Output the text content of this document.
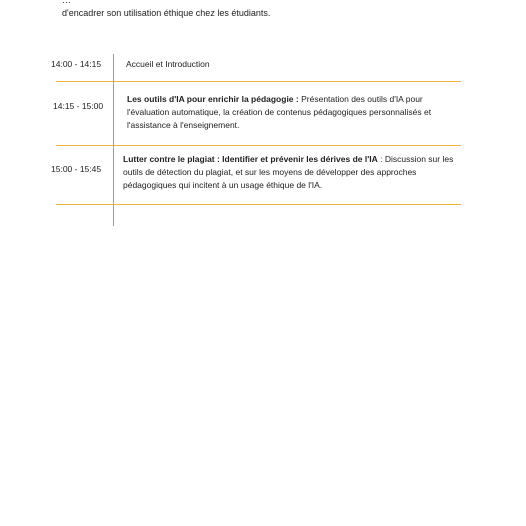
…
d'encadrer son utilisation éthique chez les étudiants.
14:00 - 14:15	Accueil et Introduction
14:15 - 15:00
Les outils d'IA pour enrichir la pédagogie : Présentation des outils d'IA pour l'évaluation automatique, la création de contenus pédagogiques personnalisés et l'assistance à l'enseignement.
15:00 - 15:45
Lutter contre le plagiat : Identifier et prévenir les dérives de l'IA : Discussion sur les outils de détection du plagiat, et sur les moyens de développer des approches pédagogiques qui incitent à un usage éthique de l'IA.
